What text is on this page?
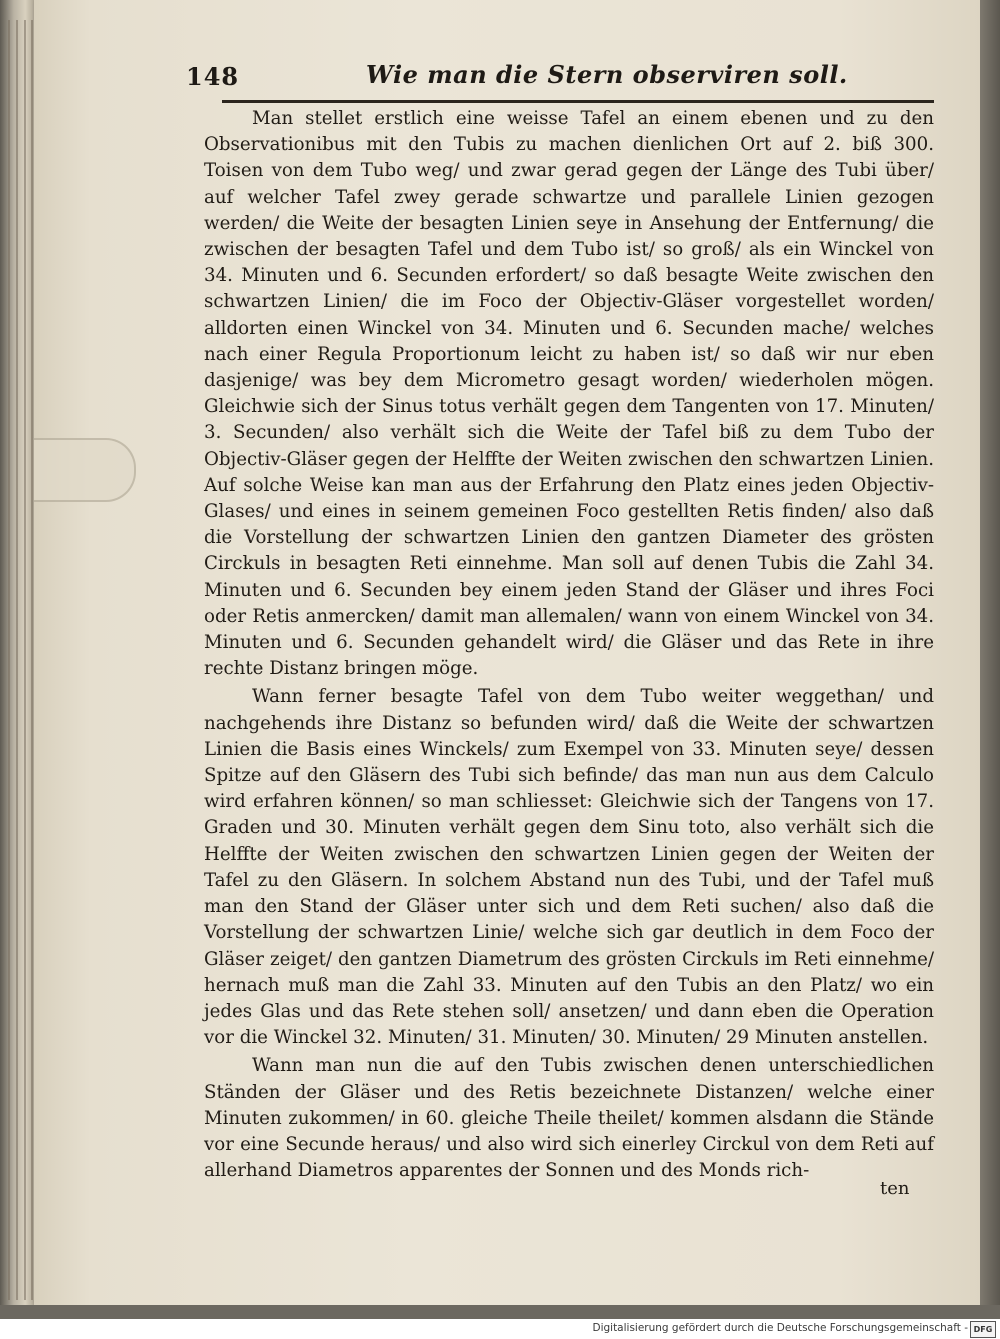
148	Wie man die Stern observiren soll.

Man stellet erstlich eine weisse Tafel an einem ebenen und zu den Observationibus mit den Tubis zu machen dienlichen Ort auf 2. biß 300. Toisen von dem Tubo weg/ und zwar gerad gegen der Länge des Tubi über/ auf welcher Tafel zwey gerade schwartze und parallele Linien gezogen werden/ die Weite der besagten Linien seye in Ansehung der Entfernung/ die zwischen der besagten Tafel und dem Tubo ist/ so groß/ als ein Winckel von 34. Minuten und 6. Secunden erfordert/ so daß besagte Weite zwischen den schwartzen Linien/ die im Foco der Objectiv-Gläser vorgestellet worden/ alldorten einen Winckel von 34. Minuten und 6. Secunden mache/ welches nach einer Regula Proportionum leicht zu haben ist/ so daß wir nur eben dasjenige/ was bey dem Micrometro gesagt worden/ wiederholen mögen. Gleichwie sich der Sinus totus verhält gegen dem Tangenten von 17. Minuten/ 3. Secunden/ also verhält sich die Weite der Tafel biß zu dem Tubo der Objectiv-Gläser gegen der Helffte der Weiten zwischen den schwartzen Linien. Auf solche Weise kan man aus der Erfahrung den Platz eines jeden Objectiv-Glases/ und eines in seinem gemeinen Foco gestellten Retis finden/ also daß die Vorstellung der schwartzen Linien den gantzen Diameter des grösten Circkuls in besagten Reti einnehme. Man soll auf denen Tubis die Zahl 34. Minuten und 6. Secunden bey einem jeden Stand der Gläser und ihres Foci oder Retis anmercken/ damit man allemalen/ wann von einem Winckel von 34. Minuten und 6. Secunden gehandelt wird/ die Gläser und das Rete in ihre rechte Distanz bringen möge.

Wann ferner besagte Tafel von dem Tubo weiter weggethan/ und nachgehends ihre Distanz so befunden wird/ daß die Weite der schwartzen Linien die Basis eines Winckels/ zum Exempel von 33. Minuten seye/ dessen Spitze auf den Gläsern des Tubi sich befinde/ das man nun aus dem Calculo wird erfahren können/ so man schliesset: Gleichwie sich der Tangens von 17. Graden und 30. Minuten verhält gegen dem Sinu toto, also verhält sich die Helffte der Weiten zwischen den schwartzen Linien gegen der Weiten der Tafel zu den Gläsern. In solchem Abstand nun des Tubi, und der Tafel muß man den Stand der Gläser unter sich und dem Reti suchen/ also daß die Vorstellung der schwartzen Linie/ welche sich gar deutlich in dem Foco der Gläser zeiget/ den gantzen Diametrum des grösten Circkuls im Reti einnehme/ hernach muß man die Zahl 33. Minuten auf den Tubis an den Platz/ wo ein jedes Glas und das Rete stehen soll/ ansetzen/ und dann eben die Operation vor die Winckel 32. Minuten/ 31. Minuten/ 30. Minuten/ 29 Minuten anstellen.

Wann man nun die auf den Tubis zwischen denen unterschiedlichen Ständen der Gläser und des Retis bezeichnete Distanzen/ welche einer Minuten zukommen/ in 60. gleiche Theile theilet/ kommen alsdann die Stände vor eine Secunde heraus/ und also wird sich einerley Circkul von dem Reti auf allerhand Diametros apparentes der Sonnen und des Monds rich-

ten
Digitalisierung gefördert durch die Deutsche Forschungsgemeinschaft - DFG
